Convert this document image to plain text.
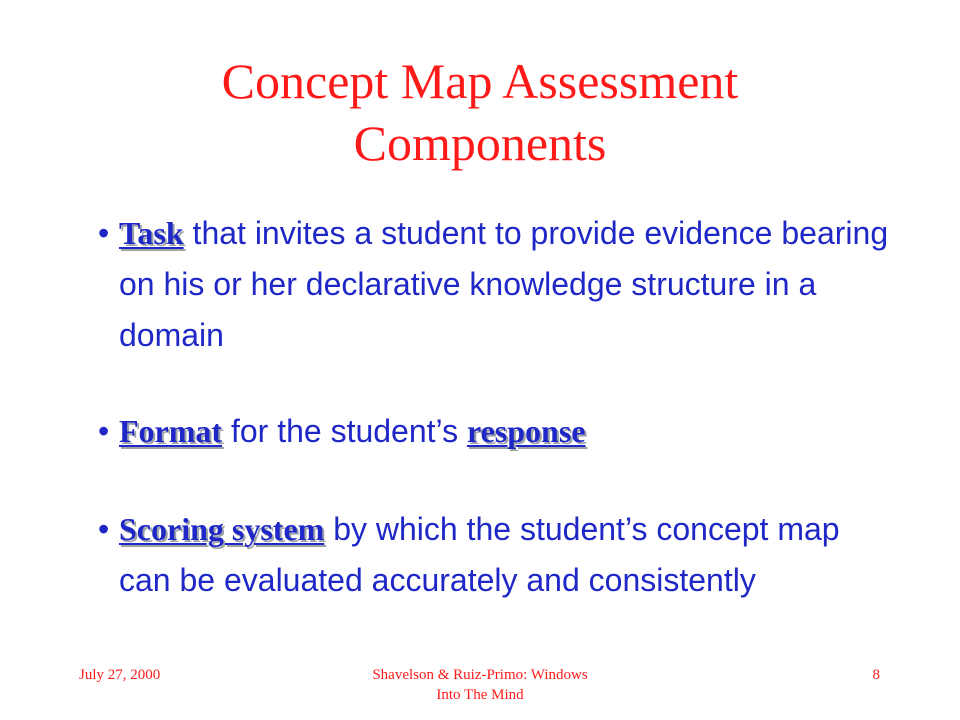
Concept Map Assessment
Components
• Task that invites a student to provide evidence bearing on his or her declarative knowledge structure in a domain
• Format for the student’s response
• Scoring system by which the student’s concept map can be evaluated accurately and consistently
July 27, 2000	Shavelson & Ruiz-Primo: Windows
Into The Mind
8
